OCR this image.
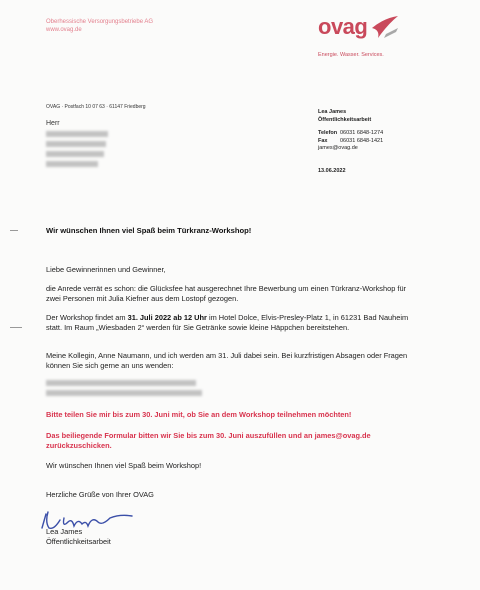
Oberhessische Versorgungsbetriebe AG
www.ovag.de	ovag
Energie. Wasser. Services.
OVAG · Postfach 10 07 63 · 61147 Friedberg
Herr
Lea James
Öffentlichkeitsarbeit
Telefon 06031 6848-1274
Fax 06031 6848-1421
james@ovag.de
13.06.2022
Wir wünschen Ihnen viel Spaß beim Türkranz-Workshop!
Liebe Gewinnerinnen und Gewinner,
die Anrede verrät es schon: die Glücksfee hat ausgerechnet Ihre Bewerbung um einen Türkranz-Workshop für zwei Personen mit Julia Kiefner aus dem Lostopf gezogen.
Der Workshop findet am 31. Juli 2022 ab 12 Uhr im Hotel Dolce, Elvis-Presley-Platz 1, in 61231 Bad Nauheim statt. Im Raum „Wiesbaden 2“ werden für Sie Getränke sowie kleine Häppchen bereitstehen.
Meine Kollegin, Anne Naumann, und ich werden am 31. Juli dabei sein. Bei kurzfristigen Absagen oder Fragen können Sie sich gerne an uns wenden:
Bitte teilen Sie mir bis zum 30. Juni mit, ob Sie an dem Workshop teilnehmen möchten!
Das beiliegende Formular bitten wir Sie bis zum 30. Juni auszufüllen und an james@ovag.de zurückzuschicken.
Wir wünschen Ihnen viel Spaß beim Workshop!
Herzliche Grüße von Ihrer OVAG
Lea James
Öffentlichkeitsarbeit
